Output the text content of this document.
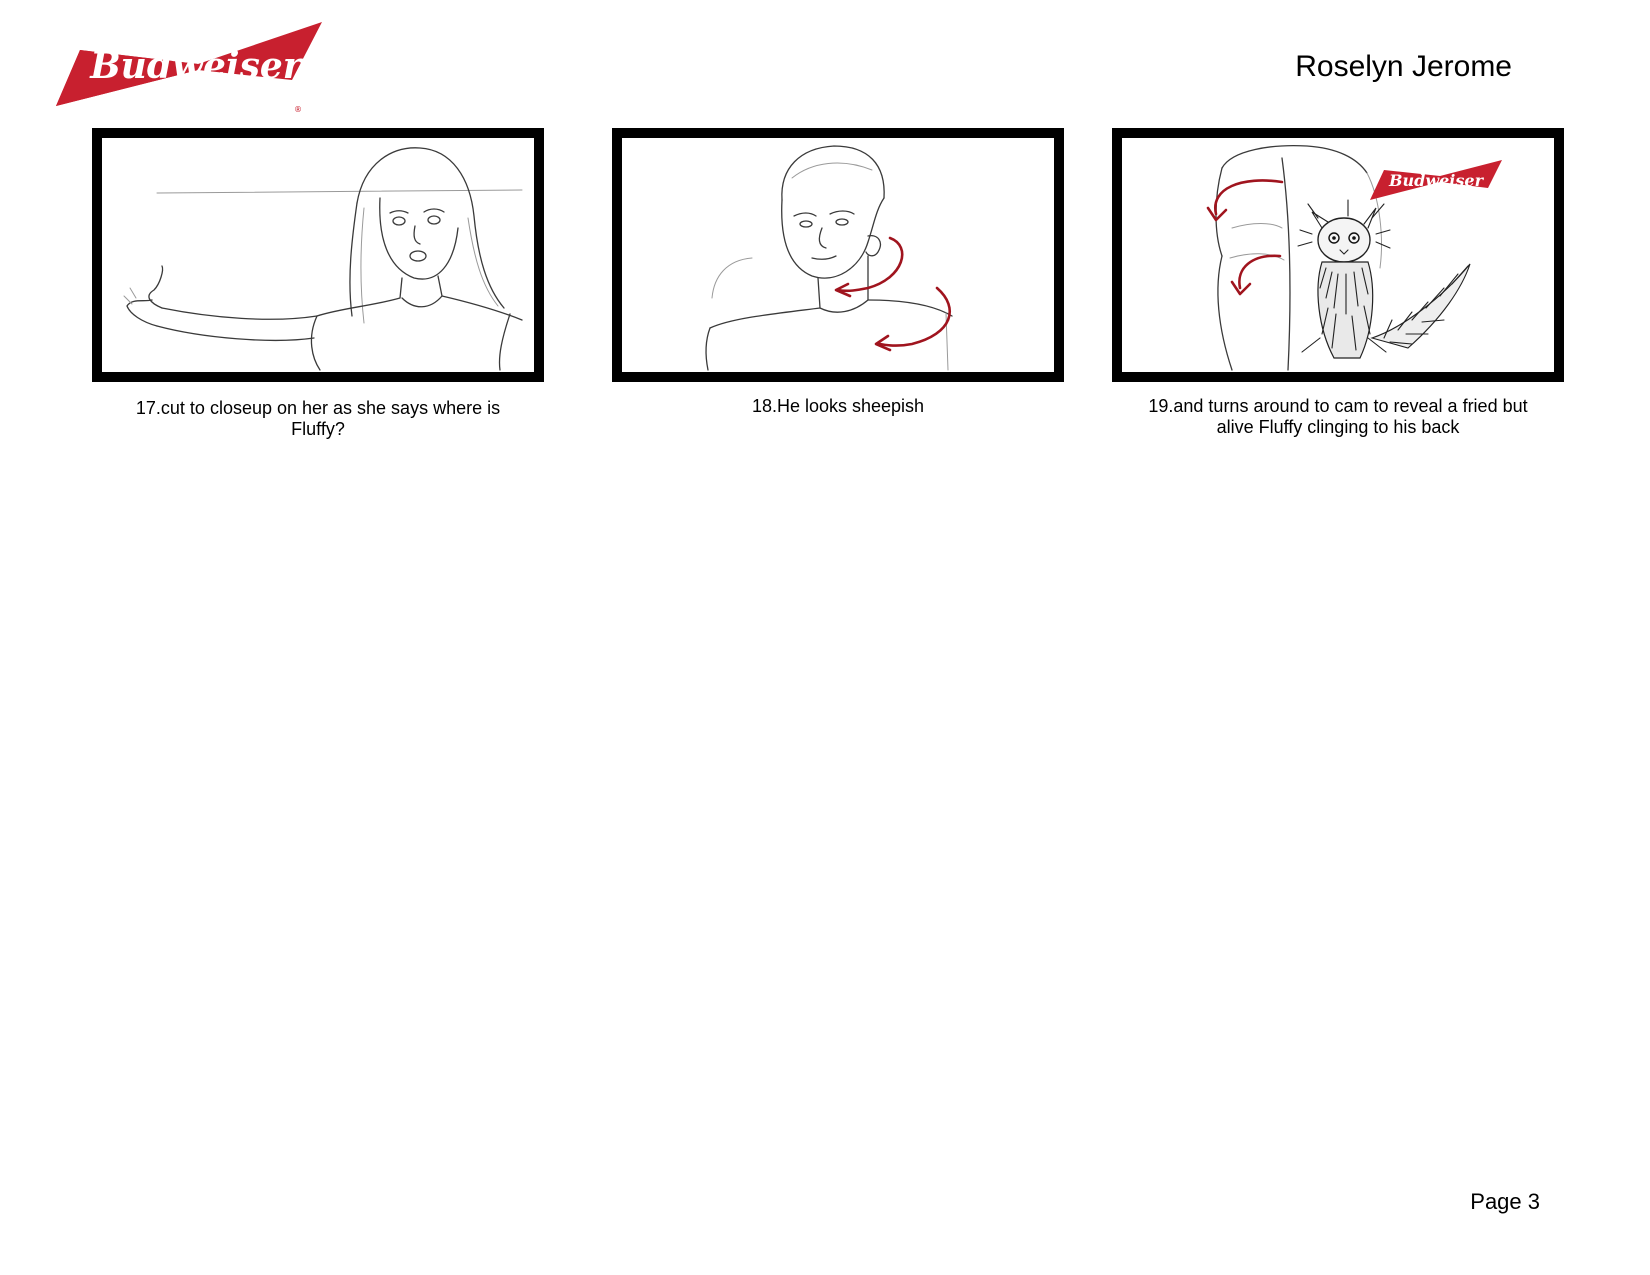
Budweiser
®
Roselyn Jerome
17.cut to closeup on her as she says where is Fluffy?
18.He looks sheepish
Budweiser
19.and turns around to cam to reveal a fried but alive Fluffy clinging to his back
Page 3
